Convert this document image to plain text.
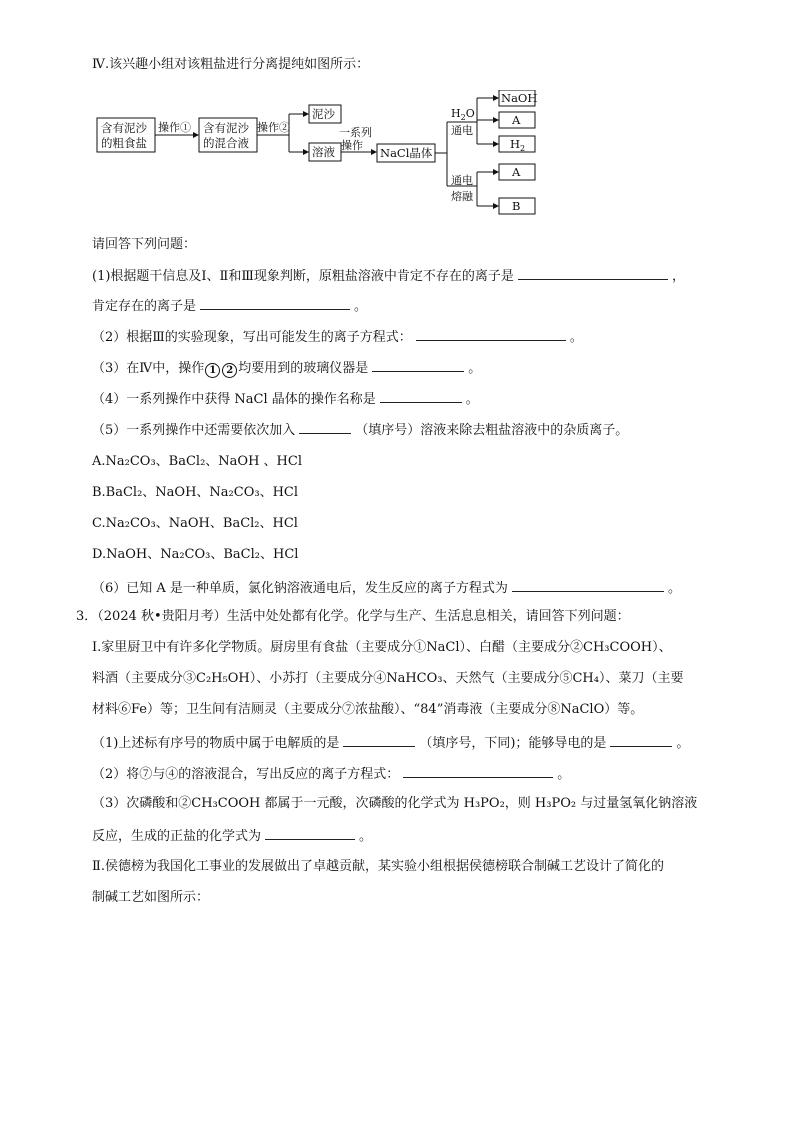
Ⅳ.该兴趣小组对该粗盐进行分离提纯如图所示：
含有泥沙
的粗食盐
操作① 含有泥沙
的混合液
操作②
泥沙
溶液
一系列
操作
NaCl晶体
$H_2O$
通电
通电
熔融
NaOH
A
$H_2$
A
B
请回答下列问题：
(1)根据题干信息及Ⅰ、Ⅱ和Ⅲ现象判断，原粗盐溶液中肯定不存在的离子是	，
肯定存在的离子是	。
（2）根据Ⅲ的实验现象，写出可能发生的离子方程式：	。
（3）在Ⅳ中，操作 1 2 均要用到的玻璃仪器是	。
（4）一系列操作中获得 NaCl 晶体的操作名称是	。
（5）一系列操作中还需要依次加入	（填序号）溶液来除去粗盐溶液中的杂质离子。
A.Na₂CO₃、BaCl₂、NaOH 、HCl
B.BaCl₂、NaOH、Na₂CO₃、HCl
C.Na₂CO₃、NaOH、BaCl₂、HCl
D.NaOH、Na₂CO₃、BaCl₂、HCl
（6）已知 A 是一种单质，氯化钠溶液通电后，发生反应的离子方程式为	。
3．（2024 秋•贵阳月考）生活中处处都有化学。化学与生产、生活息息相关，请回答下列问题：
Ⅰ.家里厨卫中有许多化学物质。厨房里有食盐（主要成分①NaCl）、白醋（主要成分②CH₃COOH）、
料酒（主要成分③C₂H₅OH）、小苏打（主要成分④NaHCO₃、天然气（主要成分⑤CH₄）、菜刀（主要
材料⑥Fe）等；卫生间有洁厕灵（主要成分⑦浓盐酸）、“84”消毒液（主要成分⑧NaClO）等。
（1)上述标有序号的物质中属于电解质的是	（填序号，下同)；能够导电的是	。
（2）将⑦与④的溶液混合，写出反应的离子方程式：	。
（3）次磷酸和②CH₃COOH 都属于一元酸，次磷酸的化学式为 H₃PO₂，则 H₃PO₂ 与过量氢氧化钠溶液
反应，生成的正盐的化学式为	。
Ⅱ.侯德榜为我国化工事业的发展做出了卓越贡献，某实验小组根据侯德榜联合制碱工艺设计了简化的
制碱工艺如图所示：
